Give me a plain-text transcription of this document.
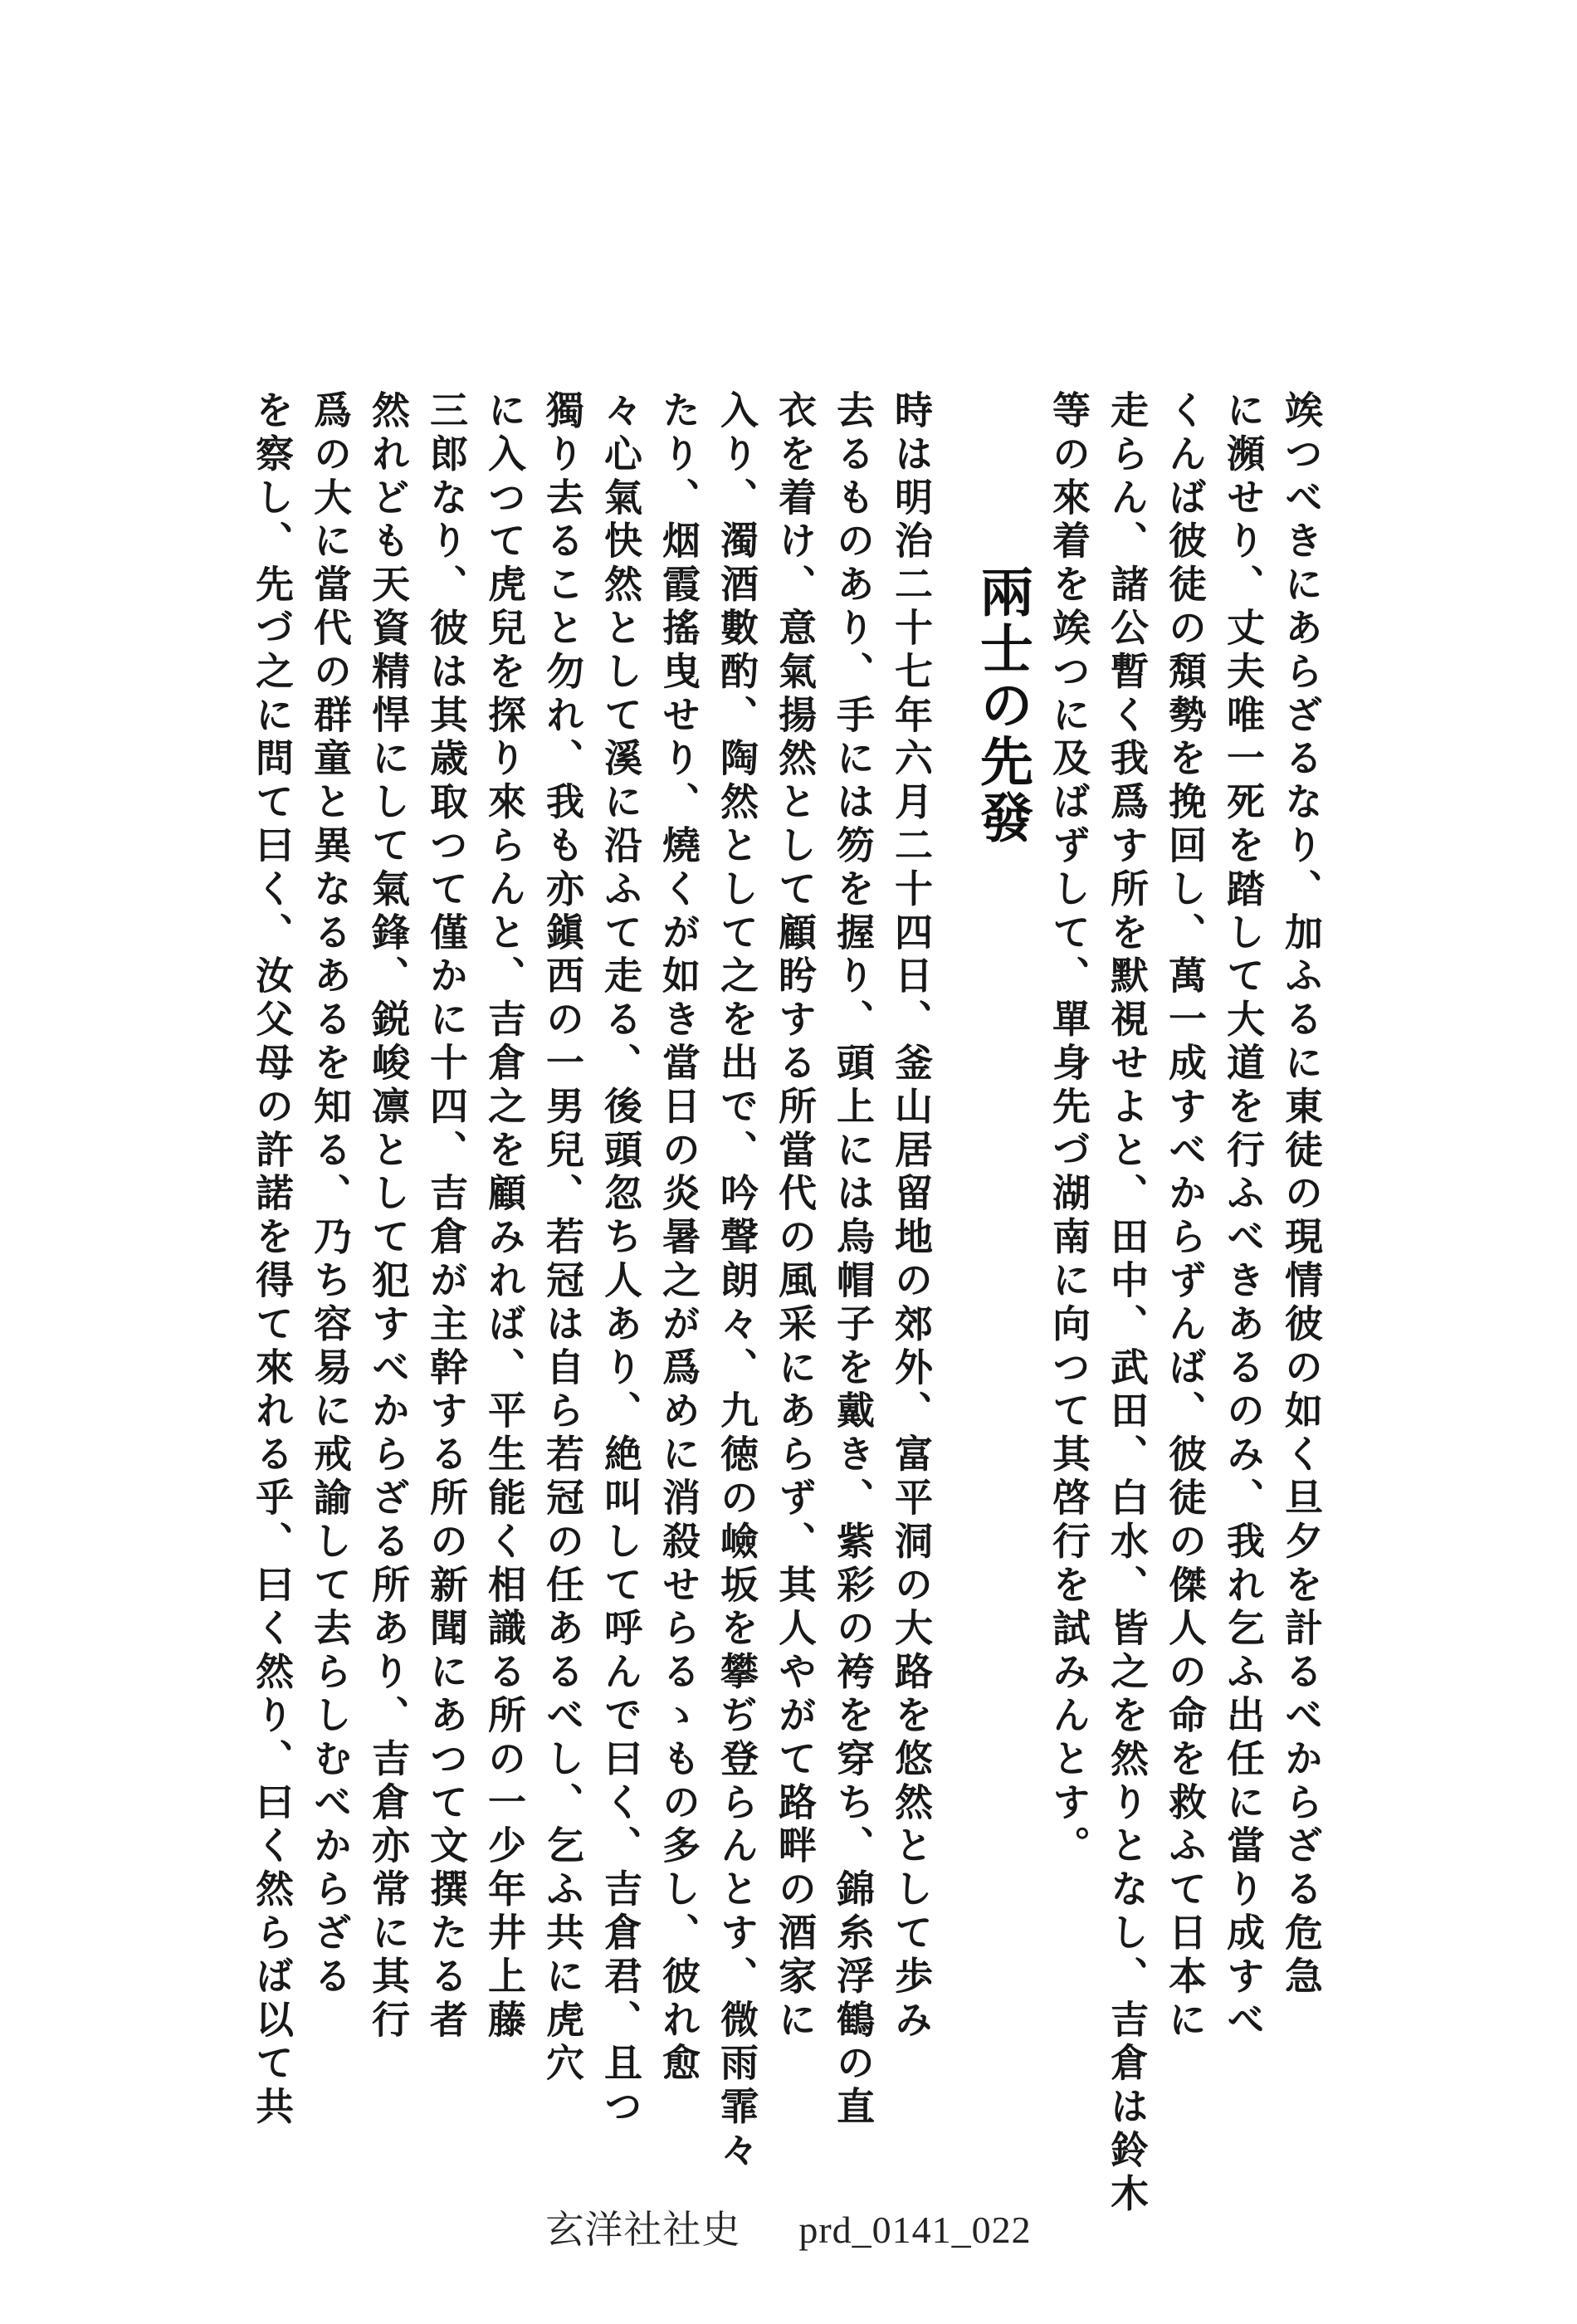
竢つべきにあらざるなり、加ふるに東徒の現情彼の如く旦夕を計るべからざる危急
に瀕せり、丈夫唯一死を踏して大道を行ふべきあるのみ、我れ乞ふ出任に當り成すべ
くんば彼徒の頽勢を挽回し、萬一成すべからずんば、彼徒の傑人の命を救ふて日本に
走らん、諸公暫く我爲す所を默視せよと、田中、武田、白水、皆之を然りとなし、吉倉は鈴木
等の來着を竢つに及ばずして、單身先づ湖南に向つて其啓行を試みんとす。
兩士の先發
時は明治二十七年六月二十四日、釜山居留地の郊外、富平洞の大路を悠然として歩み
去るものあり、手には笏を握り、頭上には烏帽子を戴き、紫彩の袴を穿ち、錦糸浮鶴の直
衣を着け、意氣揚然として顧盻する所當代の風采にあらず、其人やがて路畔の酒家に
入り、濁酒數酌、陶然として之を出で、吟聲朗々、九徳の嶮坂を攀ぢ登らんとす、微雨霏々
たり、烟霞搖曳せり、燒くが如き當日の炎暑之が爲めに消殺せらるゝもの多し、彼れ愈
々心氣快然として溪に沿ふて走る、後頭忽ち人あり、絶叫して呼んで曰く、吉倉君、且つ
獨り去ること勿れ、我も亦鎭西の一男兒、若冠は自ら若冠の任あるべし、乞ふ共に虎穴
に入つて虎兒を探り來らんと、吉倉之を顧みれば、平生能く相識る所の一少年井上藤
三郎なり、彼は其歳取つて僅かに十四、吉倉が主幹する所の新聞にあつて文撰たる者
然れども天資精悍にして氣鋒、鋭峻凛として犯すべからざる所あり、吉倉亦常に其行
爲の大に當代の群童と異なるあるを知る、乃ち容易に戒諭して去らしむべからざる
を察し、先づ之に問て曰く、汝父母の許諾を得て來れる乎、曰く然り、曰く然らば以て共
玄洋社社史 prd_0141_022
